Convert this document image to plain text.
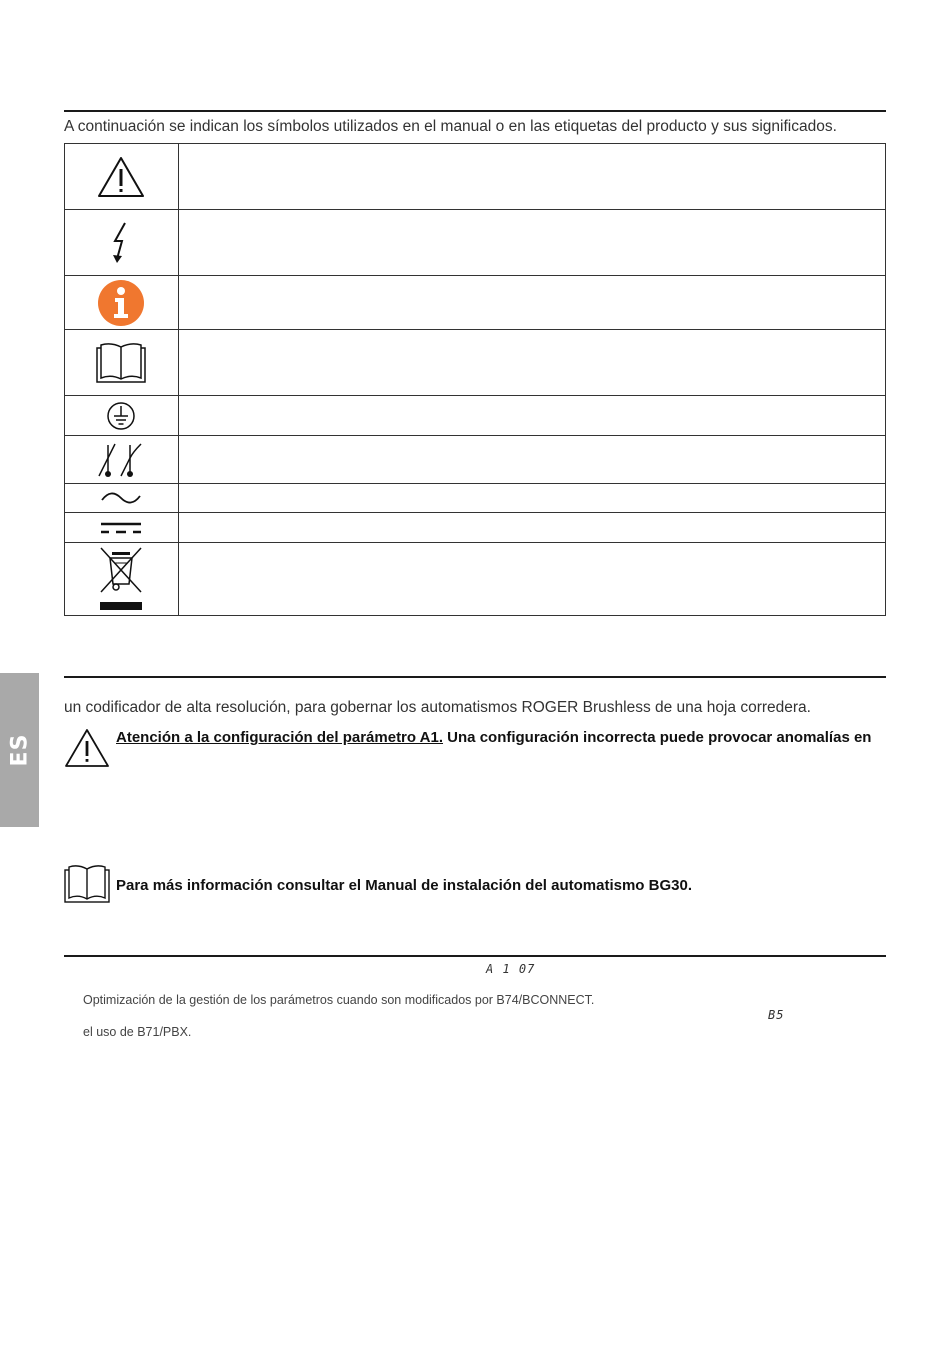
A continuación se indican los símbolos utilizados en el manual o en las etiquetas del producto y sus significados.

ES
un codificador de alta resolución, para gobernar los automatismos ROGER Brushless de una hoja corredera.
Atención a la configuración del parámetro A1. Una configuración incorrecta puede provocar anomalías en
Para más información consultar el Manual de instalación del automatismo BG30.
A 1 07
Optimización de la gestión de los parámetros cuando son modificados por B74/BCONNECT.
B5
el uso de B71/PBX.
